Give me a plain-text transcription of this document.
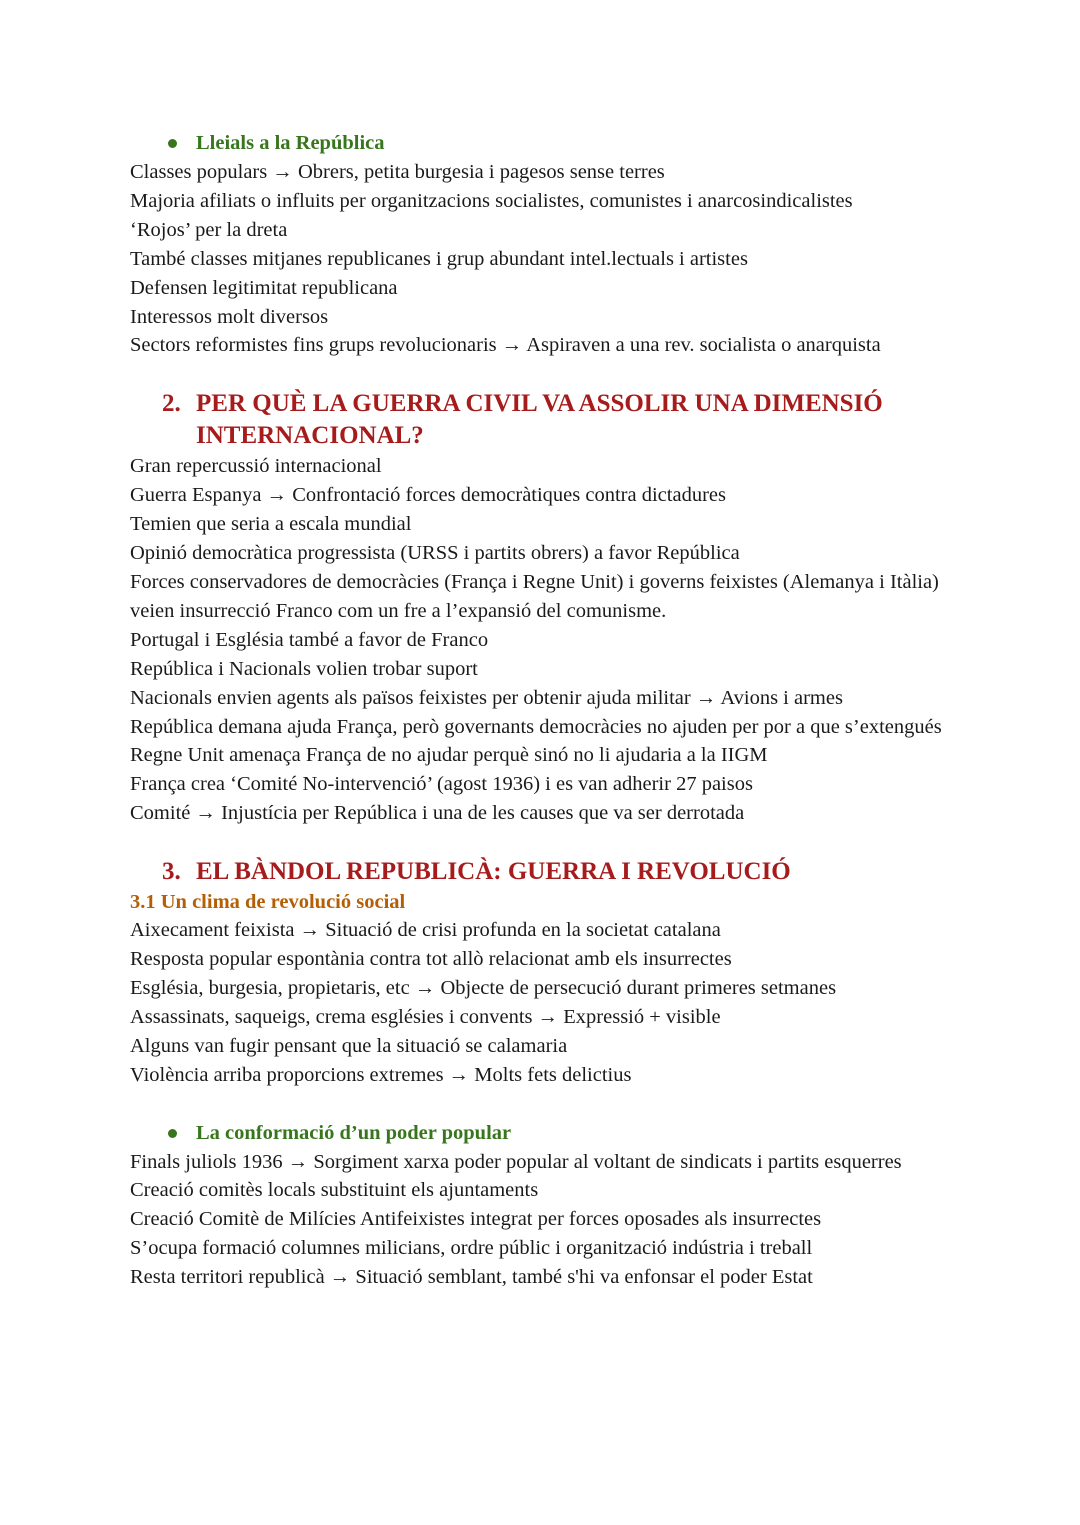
Lleials a la República

Classes populars → Obrers, petita burgesia i pagesos sense terres

Majoria afiliats o influits per organitzacions socialistes, comunistes i anarcosindicalistes

‘Rojos’ per la dreta

També classes mitjanes republicanes i grup abundant intel.lectuals i artistes

Defensen legitimitat republicana

Interessos molt diversos

Sectors reformistes fins grups revolucionaris → Aspiraven a una rev. socialista o anarquista

2. PER QUÈ LA GUERRA CIVIL VA ASSOLIR UNA DIMENSIÓ INTERNACIONAL?

Gran repercussió internacional

Guerra Espanya → Confrontació forces democràtiques contra dictadures

Temien que seria a escala mundial

Opinió democràtica progressista (URSS i partits obrers) a favor República

Forces conservadores de democràcies (França i Regne Unit) i governs feixistes (Alemanya i Itàlia) veien insurrecció Franco com un fre a l’expansió del comunisme.

Portugal i Església també a favor de Franco

República i Nacionals volien trobar suport

Nacionals envien agents als països feixistes per obtenir ajuda militar → Avions i armes

República demana ajuda França, però governants democràcies no ajuden per por a que s’extengués

Regne Unit amenaça França de no ajudar perquè sinó no li ajudaria a la IIGM

França crea ‘Comité No-intervenció’ (agost 1936) i es van adherir 27 paisos

Comité → Injustícia per República i una de les causes que va ser derrotada

3. EL BÀNDOL REPUBLICÀ: GUERRA I REVOLUCIÓ
3.1 Un clima de revolució social

Aixecament feixista → Situació de crisi profunda en la societat catalana

Resposta popular espontània contra tot allò relacionat amb els insurrectes

Església, burgesia, propietaris, etc → Objecte de persecució durant primeres setmanes

Assassinats, saqueigs, crema esglésies i convents → Expressió + visible

Alguns van fugir pensant que la situació se calamaria

Violència arriba proporcions extremes → Molts fets delictius

La conformació d’un poder popular

Finals juliols 1936 → Sorgiment xarxa poder popular al voltant de sindicats i partits esquerres

Creació comitès locals substituint els ajuntaments

Creació Comitè de Milícies Antifeixistes integrat per forces oposades als insurrectes

S’ocupa formació columnes milicians, ordre públic i organització indústria i treball

Resta territori republicà → Situació semblant, també s'hi va enfonsar el poder Estat
